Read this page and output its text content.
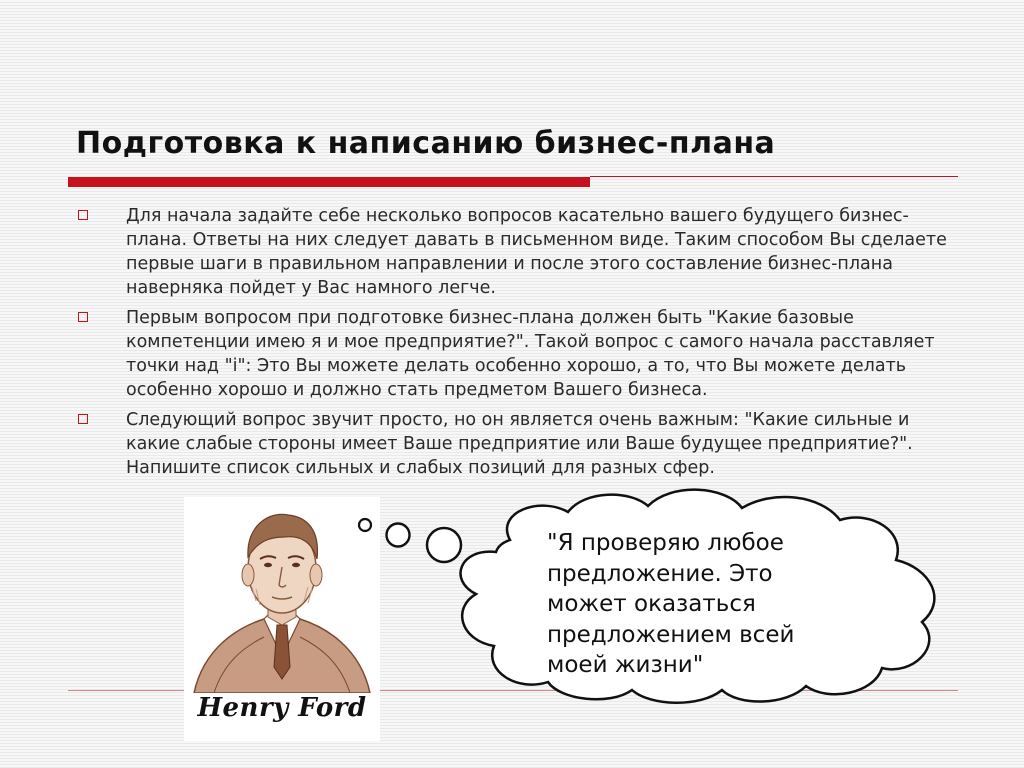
Подготовка к написанию бизнес-плана
Для начала задайте себе несколько вопросов касательно вашего будущего бизнес-плана. Ответы на них следует давать в письменном виде. Таким способом Вы сделаете первые шаги в правильном направлении и после этого составление бизнес-плана наверняка пойдет у Вас намного легче.
Первым вопросом при подготовке бизнес-плана должен быть "Какие базовые компетенции имею я и мое предприятие?". Такой вопрос с самого начала расставляет точки над "i": Это Вы можете делать особенно хорошо, а то, что Вы можете делать особенно хорошо и должно стать предметом Вашего бизнеса.
Следующий вопрос звучит просто, но он является очень важным: "Какие сильные и какие слабые стороны имеет Ваше предприятие или Ваше будущее предприятие?". Напишите список сильных и слабых позиций для разных сфер.
Henry Ford

"Я проверяю любое предложение. Это может оказаться предложением всей моей жизни"
